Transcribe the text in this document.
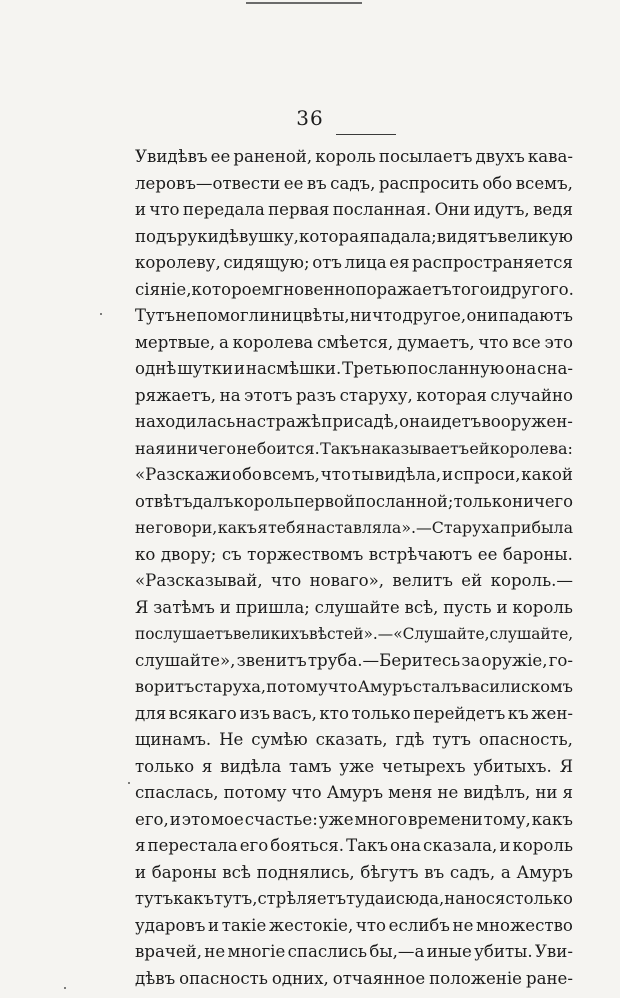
36
Увидѣвъ ее раненой, король посылаетъ двухъ кава-
леровъ—отвести ее въ садъ, распросить обо всемъ,
и что передала первая посланная. Они идутъ, ведя
подъ руки дѣвушку, которая падала; видятъ великую
королеву, сидящую; отъ лица ея распространяется
сіяніе, которое мгновенно поражаетъ того и другого.
Тутъ не помогли ни цвѣты, ни что другое, они падаютъ
мертвые, а королева смѣется, думаетъ, что все это
однѣ шутки и насмѣшки. Третью посланную она сна-
ряжаетъ, на этотъ разъ старуху, которая случайно
находилась на стражѣ при садѣ, она идетъ вооружен-
ная и ничего не боится. Такъ наказываетъ ей королева:
«Разскажи обо всемъ, что ты видѣла, и спроси, какой
отвѣтъ далъ король первой посланной; только ничего
не говори, какъ я тебя наставляла».—Старуха прибыла
ко двору; съ торжествомъ встрѣчаютъ ее бароны.
«Разсказывай, что новаго», велитъ ей король.—
Я затѣмъ и пришла; слушайте всѣ, пусть и король
послушаетъ великихъ вѣстей».—«Слушайте, слушайте,
слушайте», звенитъ труба.—Беритесь за оружіе, го-
воритъ старуха, потому что Амуръ сталъ василискомъ
для всякаго изъ васъ, кто только перейдетъ къ жен-
щинамъ. Не сумѣю сказать, гдѣ тутъ опасность,
только я видѣла тамъ уже четырехъ убитыхъ. Я
спаслась, потому что Амуръ меня не видѣлъ, ни я
его, и это мое счастье: уже много времени тому, какъ
я перестала его бояться. Такъ она сказала, и король
и бароны всѣ поднялись, бѣгутъ въ садъ, а Амуръ
тутъ какъ тутъ, стрѣляетъ туда и сюда, нанося столько
ударовъ и такіе жестокіе, что еслибъ не множество
врачей, не многіе спаслись бы,—а иные убиты. Уви-
дѣвъ опасность одних, отчаянное положеніе ране-
